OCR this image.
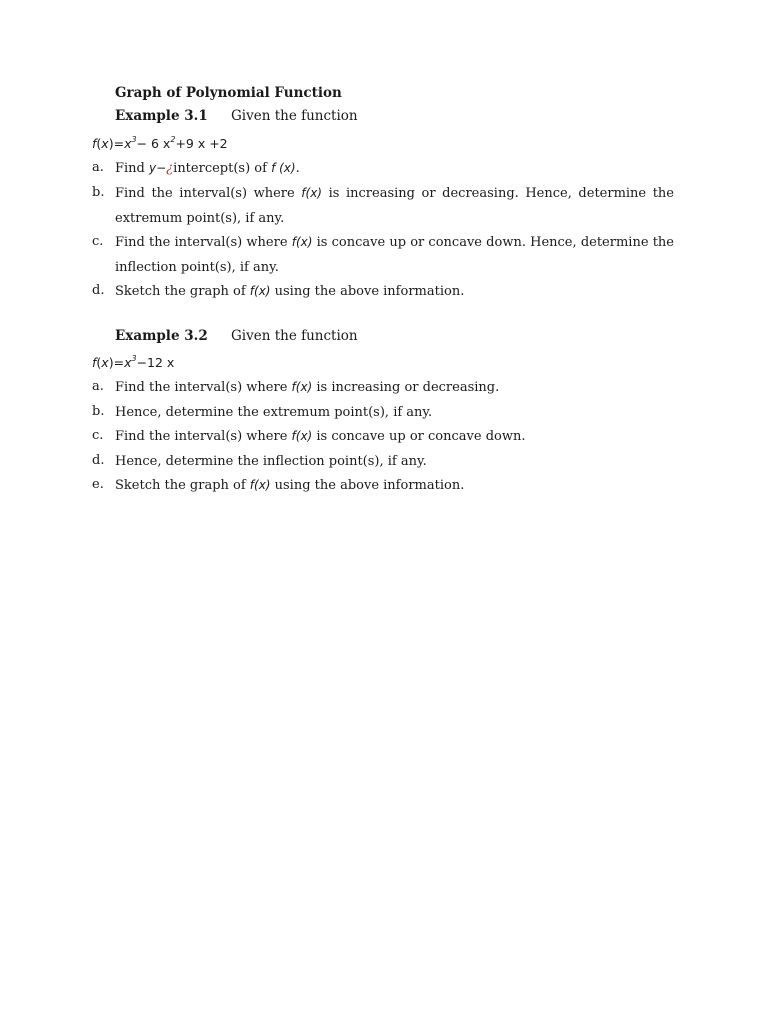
Graph of Polynomial Function
Example 3.1 Given the function
$f(x)=x^3- 6$ $x^2+9$ x +2
a. Find y−¿intercept(s) of f (x).
b. Find the interval(s) where f(x) is increasing or decreasing. Hence, determine the
extremum point(s), if any.
c. Find the interval(s) where f(x) is concave up or concave down. Hence, determine the
inflection point(s), if any.
d. Sketch the graph of f(x) using the above information.
Example 3.2 Given the function
$f(x)=x^3-12$ x
a. Find the interval(s) where f(x) is increasing or decreasing.
b. Hence, determine the extremum point(s), if any.
c. Find the interval(s) where f(x) is concave up or concave down.
d. Hence, determine the inflection point(s), if any.
e. Sketch the graph of f(x) using the above information.
